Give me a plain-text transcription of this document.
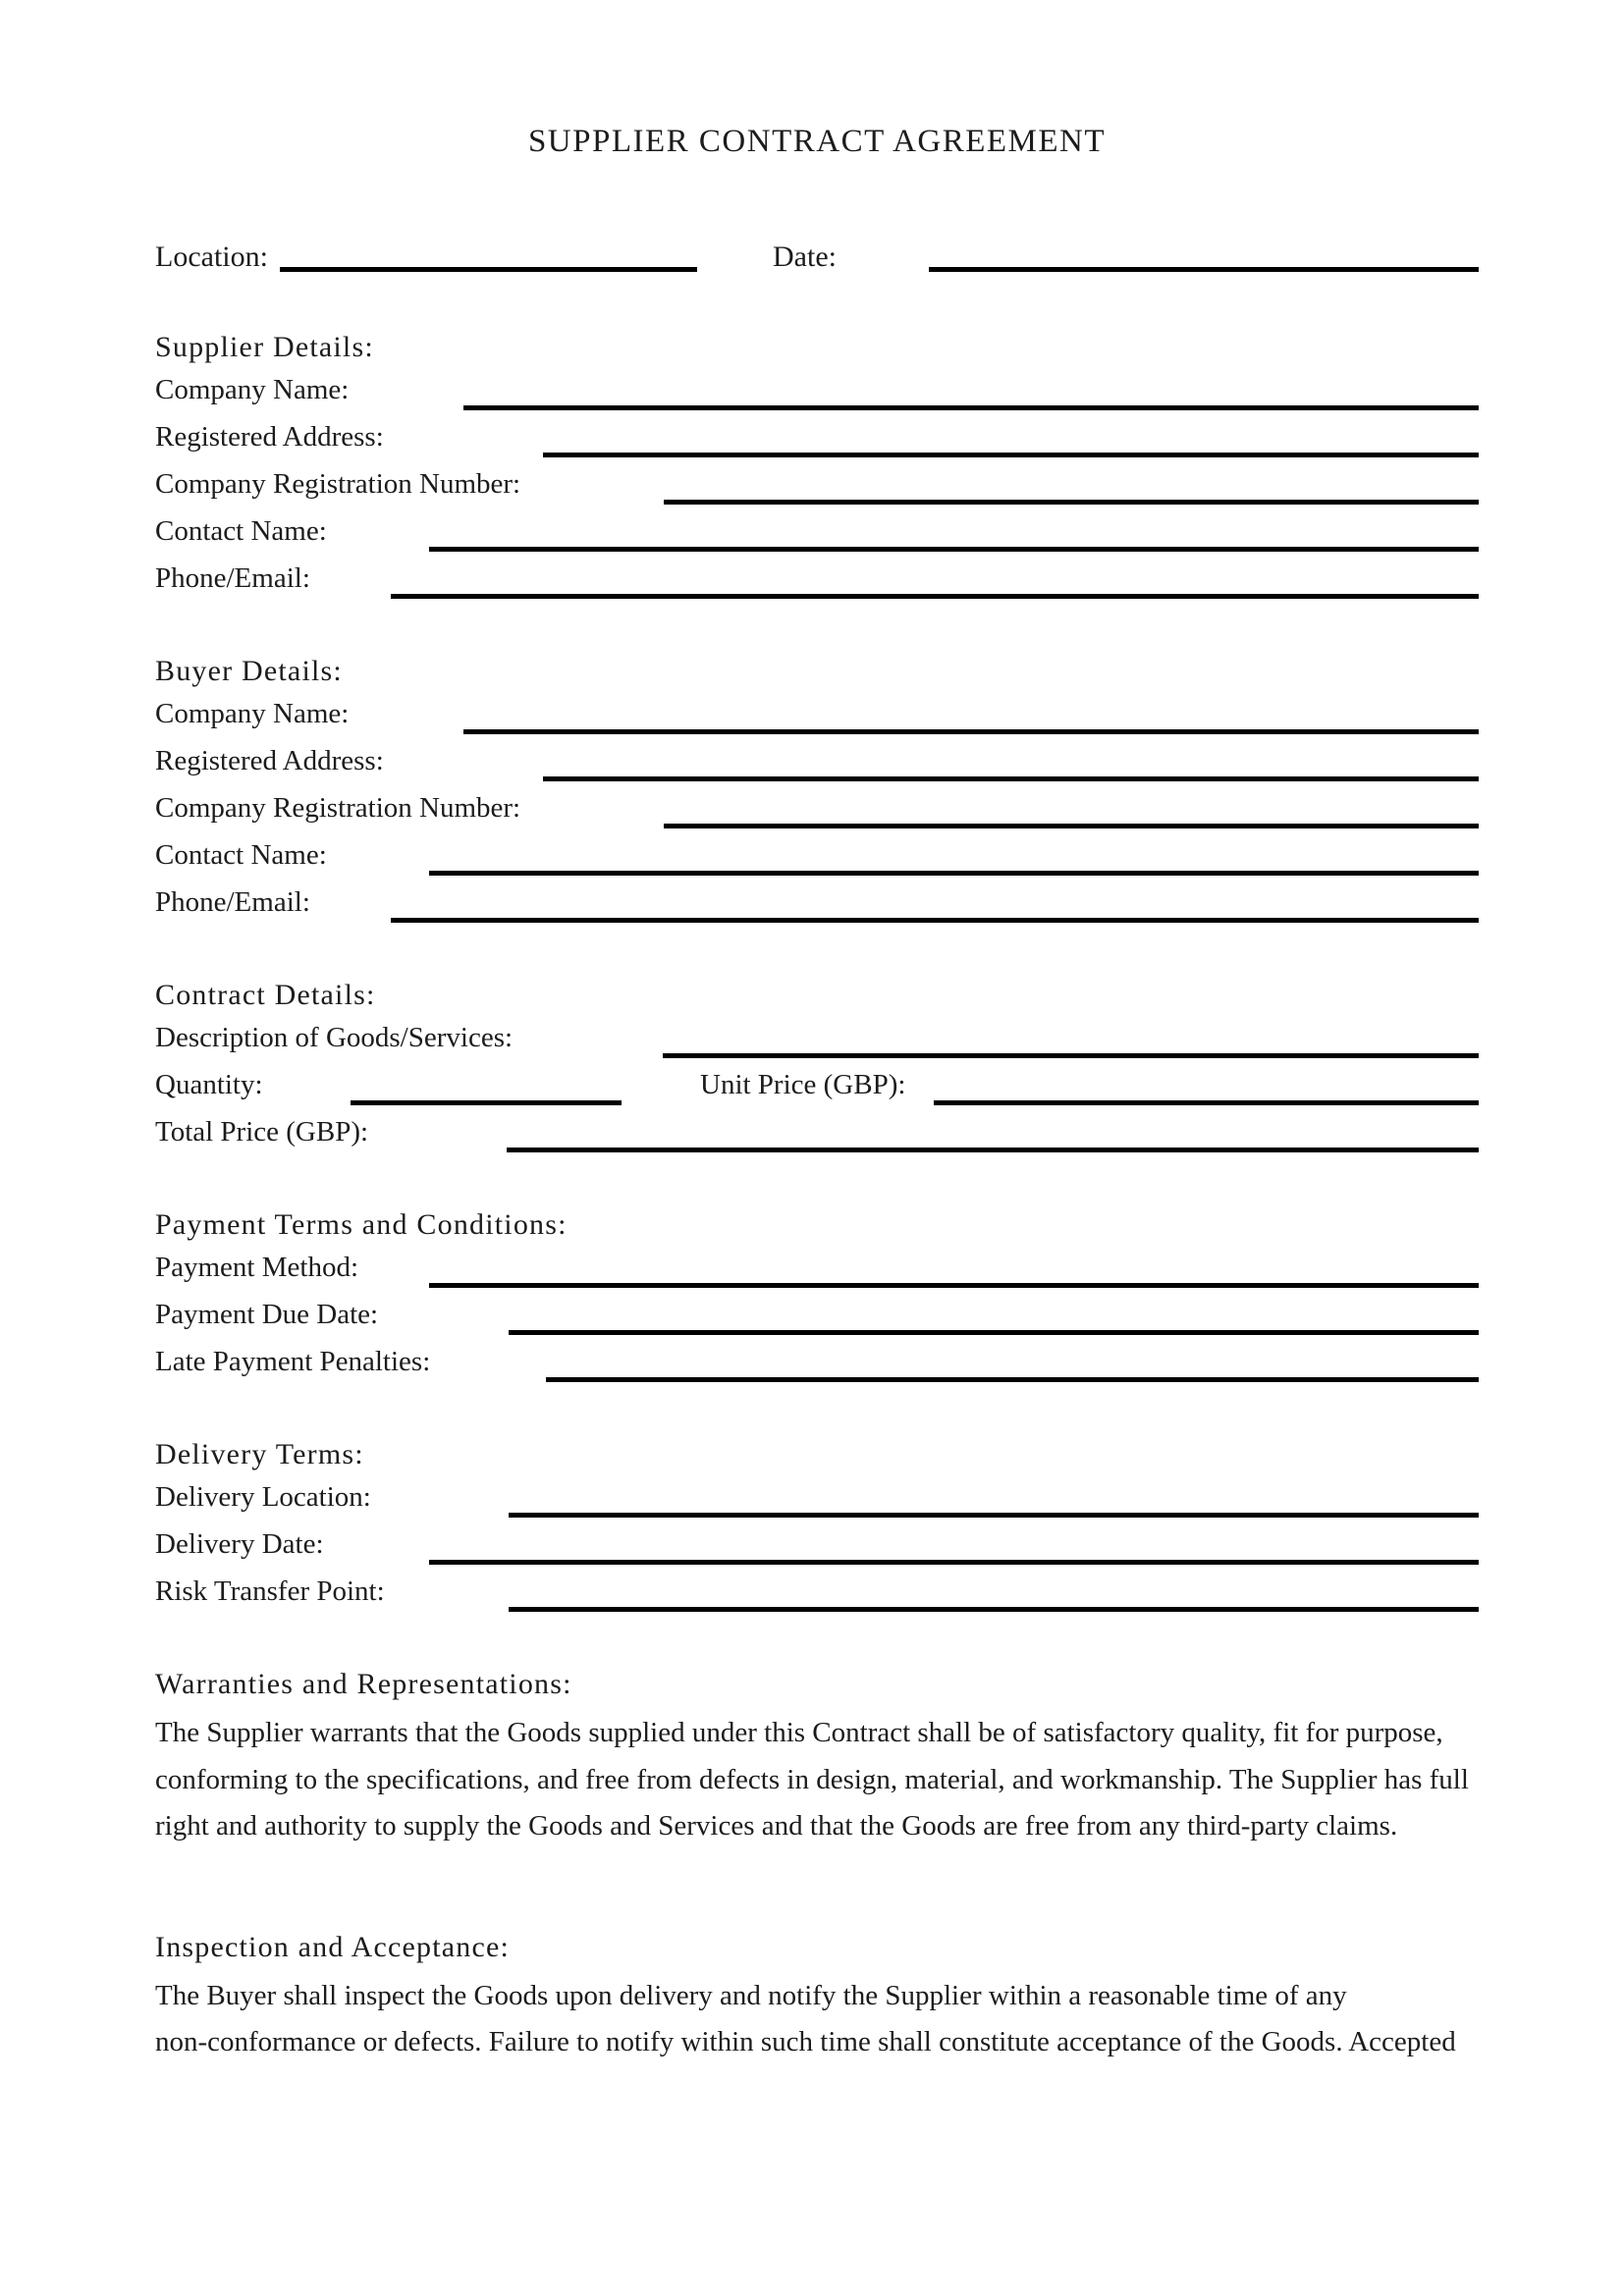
SUPPLIER CONTRACT AGREEMENT
Location:	Date:
Supplier Details:
Company Name:
Registered Address:
Company Registration Number:
Contact Name:
Phone/Email:
Buyer Details:
Company Name:
Registered Address:
Company Registration Number:
Contact Name:
Phone/Email:
Contract Details:
Description of Goods/Services:
Quantity:	Unit Price (GBP):
Total Price (GBP):
Payment Terms and Conditions:
Payment Method:
Payment Due Date:
Late Payment Penalties:
Delivery Terms:
Delivery Location:
Delivery Date:
Risk Transfer Point:
Warranties and Representations:
The Supplier warrants that the Goods supplied under this Contract shall be of satisfactory quality, fit for purpose,
conforming to the specifications, and free from defects in design, material, and workmanship. The Supplier has full
right and authority to supply the Goods and Services and that the Goods are free from any third-party claims.
Inspection and Acceptance:
The Buyer shall inspect the Goods upon delivery and notify the Supplier within a reasonable time of any
non-conformance or defects. Failure to notify within such time shall constitute acceptance of the Goods. Accepted
